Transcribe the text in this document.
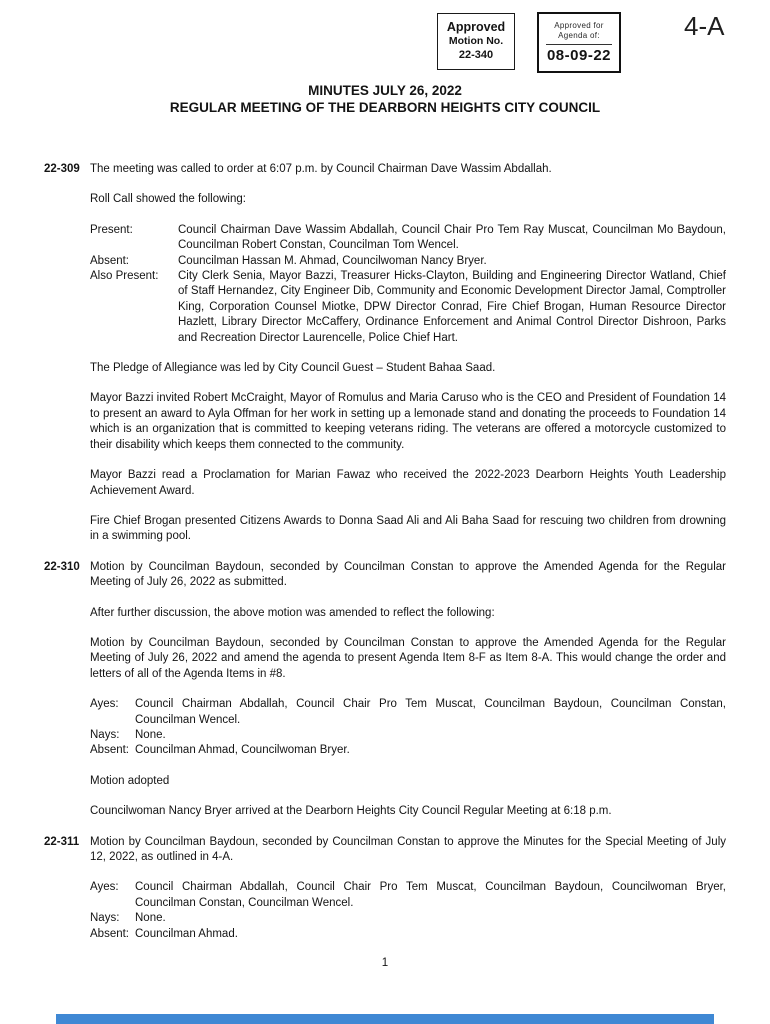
Approved
Motion No.
22-340
Approved for
Agenda of:
08-09-22
4-A
MINUTES JULY 26, 2022
REGULAR MEETING OF THE DEARBORN HEIGHTS CITY COUNCIL
22-309 The meeting was called to order at 6:07 p.m. by Council Chairman Dave Wassim Abdallah.

Roll Call showed the following:

Present:	Council Chairman Dave Wassim Abdallah, Council Chair Pro Tem Ray Muscat, Councilman Mo Baydoun, Councilman Robert Constan, Councilman Tom Wencel.
Absent:	Councilman Hassan M. Ahmad, Councilwoman Nancy Bryer.
Also Present:	City Clerk Senia, Mayor Bazzi, Treasurer Hicks-Clayton, Building and Engineering Director Watland, Chief of Staff Hernandez, City Engineer Dib, Community and Economic Development Director Jamal, Comptroller King, Corporation Counsel Miotke, DPW Director Conrad, Fire Chief Brogan, Human Resource Director Hazlett, Library Director McCaffery, Ordinance Enforcement and Animal Control Director Dishroon, Parks and Recreation Director Laurencelle, Police Chief Hart.

The Pledge of Allegiance was led by City Council Guest – Student Bahaa Saad.

Mayor Bazzi invited Robert McCraight, Mayor of Romulus and Maria Caruso who is the CEO and President of Foundation 14 to present an award to Ayla Offman for her work in setting up a lemonade stand and donating the proceeds to Foundation 14 which is an organization that is committed to keeping veterans riding. The veterans are offered a motorcycle customized to their disability which keeps them connected to the community.

Mayor Bazzi read a Proclamation for Marian Fawaz who received the 2022-2023 Dearborn Heights Youth Leadership Achievement Award.

Fire Chief Brogan presented Citizens Awards to Donna Saad Ali and Ali Baha Saad for rescuing two children from drowning in a swimming pool.

22-310 Motion by Councilman Baydoun, seconded by Councilman Constan to approve the Amended Agenda for the Regular Meeting of July 26, 2022 as submitted.

After further discussion, the above motion was amended to reflect the following:

Motion by Councilman Baydoun, seconded by Councilman Constan to approve the Amended Agenda for the Regular Meeting of July 26, 2022 and amend the agenda to present Agenda Item 8-F as Item 8-A. This would change the order and letters of all of the Agenda Items in #8.

Ayes:	Council Chairman Abdallah, Council Chair Pro Tem Muscat, Councilman Baydoun, Councilman Constan, Councilman Wencel.
Nays:	None.
Absent: Councilman Ahmad, Councilwoman Bryer.

Motion adopted

Councilwoman Nancy Bryer arrived at the Dearborn Heights City Council Regular Meeting at 6:18 p.m.

22-311 Motion by Councilman Baydoun, seconded by Councilman Constan to approve the Minutes for the Special Meeting of July 12, 2022, as outlined in 4-A.

Ayes:	Council Chairman Abdallah, Council Chair Pro Tem Muscat, Councilman Baydoun, Councilwoman Bryer, Councilman Constan, Councilman Wencel.
Nays:	None.
Absent: Councilman Ahmad.
1
